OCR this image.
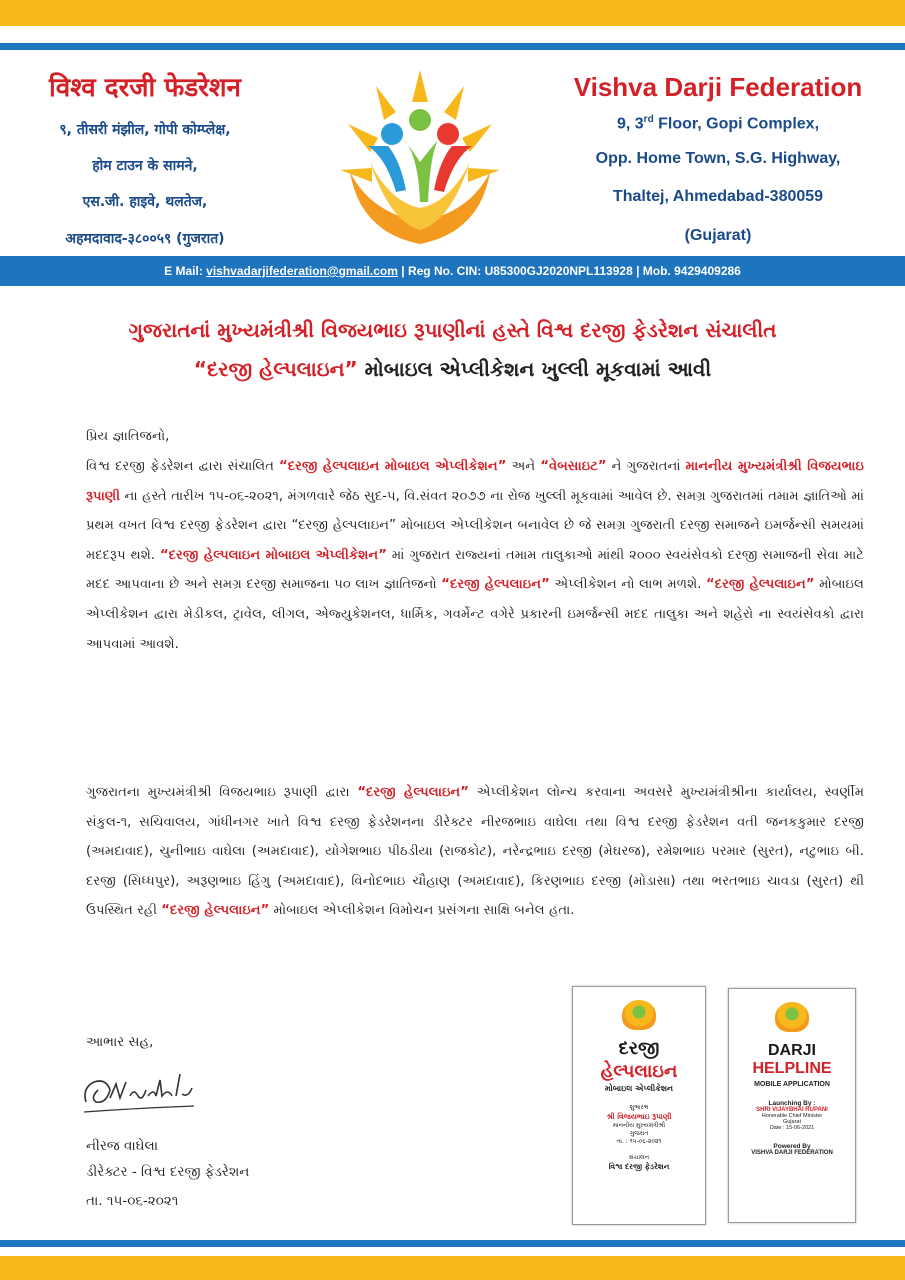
विश्व दरजी फेडरेशन
९, तीसरी मंझील, गोपी कोम्प्लेक्ष,
होम टाउन के सामने,
एस.जी. हाइवे, थलतेज,
अहमदावाद-३८००५९ (गुजरात)
Vishva Darji Federation
9, 3rd Floor, Gopi Complex,
Opp. Home Town, S.G. Highway,
Thaltej, Ahmedabad-380059
(Gujarat)
E Mail: vishvadarjifederation@gmail.com | Reg No. CIN: U85300GJ2020NPL113928 | Mob. 9429409286
ગુજરાતનાં મુખ્યમંત્રીશ્રી વિજયભાઇ રૂપાણીનાં હસ્તે વિશ્વ દરજી ફેડરેશન સંચાલીત
“દરજી હેલ્પલાઇન” મોબાઇલ એપ્લીકેશન ખુલ્લી મૂકવામાં આવી
પ્રિય જ્ઞાતિજનો,
વિશ્વ દરજી ફેડરેશન દ્વારા સંચાલિત “દરજી હેલ્પલાઇન મોબાઇલ એપ્લીકેશન” અને “વેબસાઇટ” ને ગુજરાતનાં માનનીય મુખ્યમંત્રીશ્રી વિજયભાઇ રૂપાણી ના હસ્તે તારીખ ૧૫-૦૬-૨૦૨૧, મંગળવારે જેઠ સુદ-૫, વિ.સંવત ૨૦૭૭ ના રોજ ખુલ્લી મૂકવામાં આવેલ છે. સમગ્ર ગુજરાતમાં તમામ જ્ઞાતિઓ માં પ્રથમ વખત વિશ્વ દરજી ફેડરેશન દ્વારા “દરજી હેલ્પલાઇન” મોબાઇલ એપ્લીકેશન બનાવેલ છે જે સમગ્ર ગુજરાતી દરજી સમાજને ઇમર્જન્સી સમયમાં મદદરૂપ થશે. “દરજી હેલ્પલાઇન મોબાઇલ એપ્લીકેશન” માં ગુજરાત રાજ્યનાં તમામ તાલુકાઓ માંથી ૨૦૦૦ સ્વયંસેવકો દરજી સમાજની સેવા માટે મદદ આપવાના છે અને સમગ્ર દરજી સમાજના ૫૦ લાખ જ્ઞાતિજનો “દરજી હેલ્પલાઇન” એપ્લીકેશન નો લાભ મળશે. “દરજી હેલ્પલાઇન” મોબાઇલ એપ્લીકેશન દ્વારા મેડીકલ, ટ્રાવેલ, લીગલ, એજ્યુકેશનલ, ધાર્મિક, ગવર્મેન્ટ વગેરે પ્રકારની ઇમર્જન્સી મદદ તાલુકા અને શહેરો ના સ્વયંસેવકો દ્વારા આપવામાં આવશે.
ગુજરાતના મુખ્યમંત્રીશ્રી વિજયભાઇ રૂપાણી દ્વારા “દરજી હેલ્પલાઇન” એપ્લીકેશન લોન્ચ કરવાના અવસરે મુખ્યમંત્રીશ્રીના કાર્યાલય, સ્વર્ણીમ સંકુલ-૧, સચિવાલય, ગાંધીનગર ખાતે વિશ્વ દરજી ફેડરેશનના ડીરેક્ટર નીરજભાઇ વાઘેલા તથા વિશ્વ દરજી ફેડરેશન વતી જનકકુમાર દરજી (અમદાવાદ), ચુનીભાઇ વાઘેલા (અમદાવાદ), યોગેશભાઇ પીઠડીયા (રાજકોટ), નરેન્દ્રભાઇ દરજી (મેઘરજ), રમેશભાઇ પરમાર (સુરત), નટુભાઇ બી. દરજી (સિધ્ધપુર), અરૂણભાઇ હિંગુ (અમદાવાદ), વિનોદભાઇ ચૌહાણ (અમદાવાદ), કિરણભાઇ દરજી (મોડાસા) તથા ભરતભાઇ ચાવડા (સુરત) થી ઉપસ્થિત રહી “દરજી હેલ્પલાઇન” મોબાઇલ એપ્લીકેશન વિમોચન પ્રસંગના સાક્ષિ બનેલ હતા.
આભાર સહ,
નીરજ વાઘેલા
ડીરેક્ટર - વિશ્વ દરજી ફેડરેશન
તા. ૧૫-૦૬-૨૦૨૧
દરજી
હેલ્પલાઇન
મોબાઇલ એપ્લીકેશન
શુભારંભ
શ્રી વિજયભાઇ રૂપાણી
માનનીય મુખ્યમંત્રીશ્રી
ગુજરાત
તા. : ૧૫-૦૬-૨૦૨૧
સંચાલન
વિશ્વ દરજી ફેડરેશન
DARJI
HELPLINE
MOBILE APPLICATION
Launching By :
SHRI VIJAYBHAI RUPANI
Honerable Chief Minister
Gujarat
Date : 15-06-2021
Powered By
VISHVA DARJI FEDERATION
